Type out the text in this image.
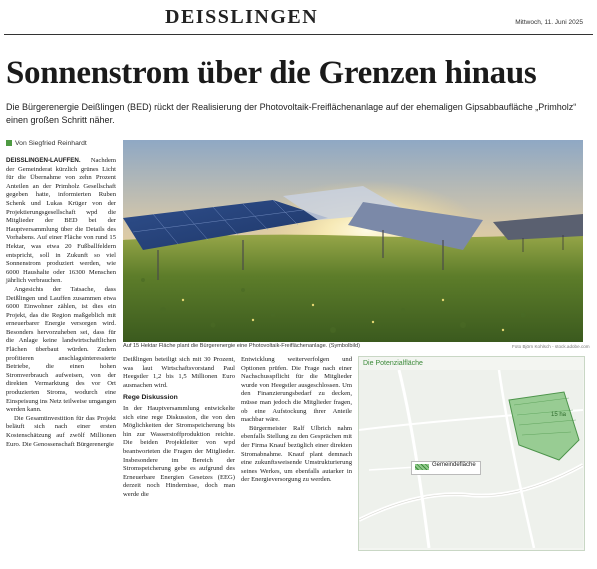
DEISSLINGEN	Mittwoch, 11. Juni 2025
Sonnenstrom über die Grenzen hinaus
Die Bürgerenergie Deißlingen (BED) rückt der Realisierung der Photovoltaik-Freiflächenanlage auf der ehemaligen Gipsabbaufläche „Primholz“ einen großen Schritt näher.
Von Siegfried Reinhardt
Auf 15 Hektar Fläche plant die Bürgerenergie eine Photovoltaik-Freiflächenanlage. (Symbolbild)	Foto Björn Kohlsch - stock.adobe.com
DEISSLINGEN-LAUFFEN. Nachdem der Gemeinderat kürzlich grünes Licht für die Übernahme von zehn Prozent Anteilen an der Primholz Gesellschaft gegeben hatte, informierten Ruben Schenk und Lukas Krüger von der Projektierungsgesellschaft wpd die Mitglieder der BED bei der Hauptversammlung über die Details des Vorhabens. Auf einer Fläche von rund 15 Hektar, was etwa 20 Fußballfeldern entspricht, soll in Zukunft so viel Sonnenstrom produziert werden, wie 6000 Haushalte oder 16300 Menschen jährlich verbrauchen.
Angesichts der Tatsache, dass Deißlingen und Lauffen zusammen etwa 6000 Einwohner zählen, ist dies ein Projekt, das die Region maßgeblich mit erneuerbarer Energie versorgen wird. Besonders hervorzuheben sei, dass für die Anlage keine landwirtschaftlichen Flächen überbaut würden. Zudem profitieren anschlagsinteressierte Betriebe, die einen hohen Stromverbrauch aufweisen, von der direkten Vermarktung des vor Ort produzierten Stroms, wodurch eine Einspeisung ins Netz teilweise umgangen werden kann.
Die Gesamtinvestition für das Projekt beläuft sich nach einer ersten Kostenschätzung auf zwölf Millionen Euro. Die Genossenschaft Bürgerenergie
Deißlingen beteiligt sich mit 30 Prozent, was laut Wirtschaftsvorstand Paul Heegstler 1,2 bis 1,5 Millionen Euro ausmachen wird.
Rege Diskussion
In der Hauptversammlung entwickelte sich eine rege Diskussion, die von den Möglichkeiten der Stromspeicherung bis hin zur Wasserstoffproduktion reichte. Die beiden Projektleiter von wpd beantworteten die Fragen der Mitglieder. Insbesondere im Bereich der Stromspeicherung gebe es aufgrund des Erneuerbare Energien Gesetzes (EEG) derzeit noch Hindernisse, doch man werde die
Entwicklung weiterverfolgen und Optionen prüfen. Die Frage nach einer Nachschusspflicht für die Mitglieder wurde von Heegstler ausgeschlossen. Um den Finanzierungsbedarf zu decken, müsse man jedoch die Mitglieder fragen, ob eine Aufstockung ihrer Anteile machbar wäre.
Bürgermeister Ralf Ulbrich nahm ebenfalls Stellung zu den Gesprächen mit der Firma Knauf bezüglich einer direkten Stromabnahme. Knauf plant demnach eine zukunftsweisende Umstrukturierung seines Werkes, um ebenfalls autarker in der Energieversorgung zu werden.
Die Potenzialfläche
Gemeindefläche
15 ha
